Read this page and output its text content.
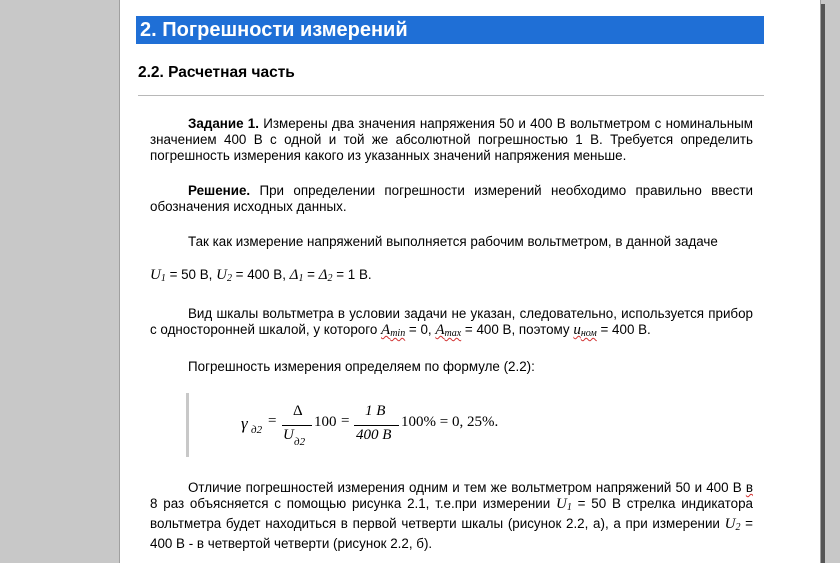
2. Погрешности измерений
2.2. Расчетная часть
Задание 1. Измерены два значения напряжения 50 и 400 В вольтметром с номинальным значением 400 В с одной и той же абсолютной погрешностью 1 В. Требуется определить погрешность измерения какого из указанных значений напряжения меньше.
Решение. При определении погрешности измерений необходимо правильно ввести обозначения исходных данных.
Так как измерение напряжений выполняется рабочим вольтметром, в данной задаче
$U_1 = 50$ В, $U_2 = 400$ В, $\Delta_1 = \Delta_2 = 1$ В.
Вид шкалы вольтметра в условии задачи не указан, следовательно, используется прибор с односторонней шкалой, у которого $A_{min} = 0$, $A_{max} = 400$ В, поэтому $u_{ном} = 400$ В.
Погрешность измерения определяем по формуле (2.2):
γ д2
=
Δ
U д2
100 =
1 B
400 B
100% = 0, 25%.
Отличие погрешностей измерения одним и тем же вольтметром напряжений 50 и 400 В в 8 раз объясняется с помощью рисунка 2.1, т.е.при измерении $U_1 = 50$ В стрелка индикатора вольтметра будет находиться в первой четверти шкалы (рисунок 2.2, а), а при измерении $U_2 = 400$ В - в четвертой четверти (рисунок 2.2, б).
